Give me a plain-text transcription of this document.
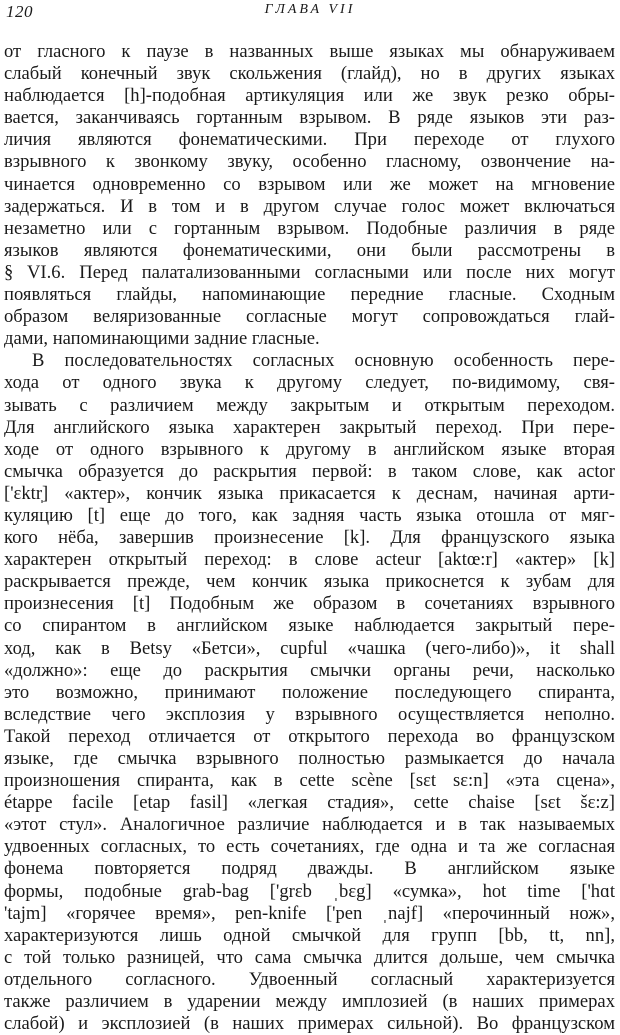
120	ГЛАВА VII
от гласного к паузе в названных выше языках мы обнаруживаем
слабый конечный звук скольжения (глайд), но в других языках
наблюдается [h]-подобная артикуляция или же звук резко обры-
вается, заканчиваясь гортанным взрывом. В ряде языков эти раз-
личия являются фонематическими. При переходе от глухого
взрывного к звонкому звуку, особенно гласному, озвончение на-
чинается одновременно со взрывом или же может на мгновение
задержаться. И в том и в другом случае голос может включаться
незаметно или с гортанным взрывом. Подобные различия в ряде
языков являются фонематическими, они были рассмотрены в
§ VI.6. Перед палатализованными согласными или после них могут
появляться глайды, напоминающие передние гласные. Сходным
образом веляризованные согласные могут сопровождаться глай-
дами, напоминающими задние гласные.
В последовательностях согласных основную особенность пере-
хода от одного звука к другому следует, по-видимому, свя-
зывать с различием между закрытым и открытым переходом.
Для английского языка характерен закрытый переход. При пере-
ходе от одного взрывного к другому в английском языке вторая
смычка образуется до раскрытия первой: в таком слове, как actor
['ɛktr̩] «актер», кончик языка прикасается к деснам, начиная арти-
куляцию [t] еще до того, как задняя часть языка отошла от мяг-
кого нёба, завершив произнесение [k]. Для французского языка
характерен открытый переход: в слове acteur [aktœ:r] «актер» [k]
раскрывается прежде, чем кончик языка прикоснется к зубам для
произнесения [t] Подобным же образом в сочетаниях взрывного
со спирантом в английском языке наблюдается закрытый пере-
ход, как в Betsy «Бетси», cupful «чашка (чего-либо)», it shall
«должно»: еще до раскрытия смычки органы речи, насколько
это возможно, принимают положение последующего спиранта,
вследствие чего эксплозия у взрывного осуществляется неполно.
Такой переход отличается от открытого перехода во французском
языке, где смычка взрывного полностью размыкается до начала
произношения спиранта, как в cette scène [sɛt sɛ:n] «эта сцена»,
étappe facile [etap fasil] «легкая стадия», cette chaise [sɛt šɛ:z]
«этот стул». Аналогичное различие наблюдается и в так называемых
удвоенных согласных, то есть сочетаниях, где одна и та же согласная
фонема повторяется подряд дважды. В английском языке
формы, подобные grab-bag ['grɛb ˌbɛg] «сумка», hot time ['hɑt
'tajm] «горячее время», pen-knife ['pen ˌnajf] «перочинный нож»,
характеризуются лишь одной смычкой для групп [bb, tt, nn],
с той только разницей, что сама смычка длится дольше, чем смычка
отдельного согласного. Удвоенный согласный характеризуется
также различием в ударении между имплозией (в наших примерах
слабой) и эксплозией (в наших примерах сильной). Во французском
